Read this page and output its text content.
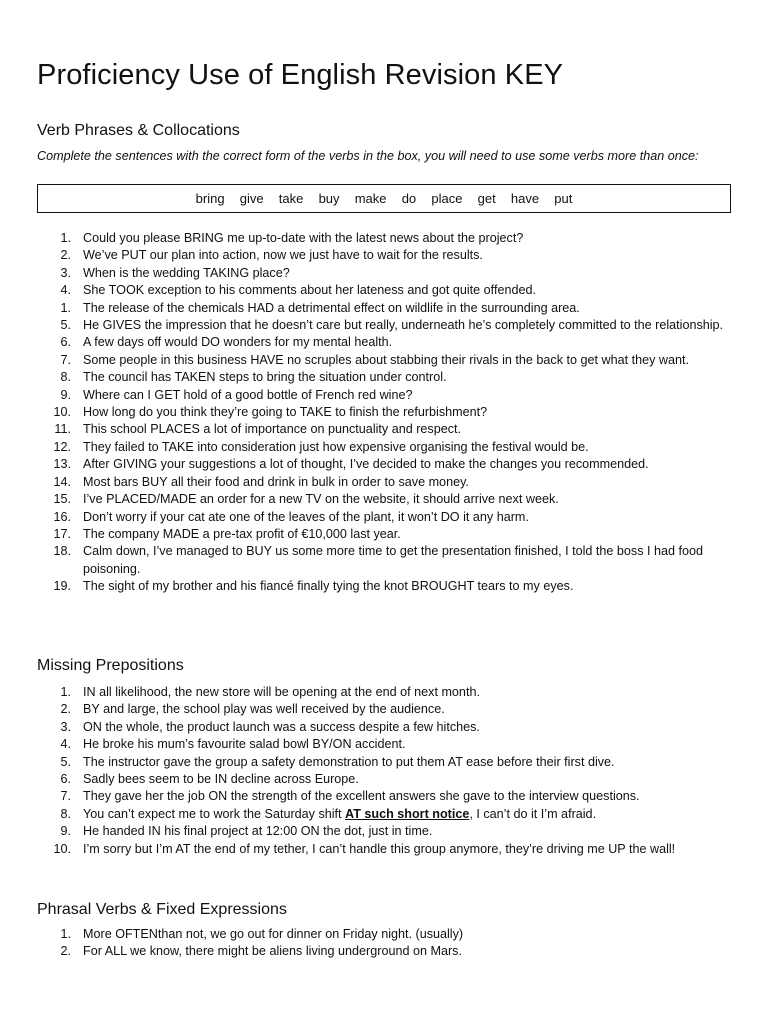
Proficiency Use of English Revision KEY
Verb Phrases & Collocations

Complete the sentences with the correct form of the verbs in the box, you will need to use some verbs more than once:

bring give take buy make do place get have put
1. Could you please BRING me up-to-date with the latest news about the project?
2. We’ve PUT our plan into action, now we just have to wait for the results.
3. When is the wedding TAKING place?
4. She TOOK exception to his comments about her lateness and got quite offended.
1. The release of the chemicals HAD a detrimental effect on wildlife in the surrounding area.
5. He GIVES the impression that he doesn’t care but really, underneath he’s completely committed to the relationship.
6. A few days off would DO wonders for my mental health.
7. Some people in this business HAVE no scruples about stabbing their rivals in the back to get what they want.
8. The council has TAKEN steps to bring the situation under control.
9. Where can I GET hold of a good bottle of French red wine?
10. How long do you think they’re going to TAKE to finish the refurbishment?
11. This school PLACES a lot of importance on punctuality and respect.
12. They failed to TAKE into consideration just how expensive organising the festival would be.
13. After GIVING your suggestions a lot of thought, I’ve decided to make the changes you recommended.
14. Most bars BUY all their food and drink in bulk in order to save money.
15. I’ve PLACED/MADE an order for a new TV on the website, it should arrive next week.
16. Don’t worry if your cat ate one of the leaves of the plant, it won’t DO it any harm.
17. The company MADE a pre-tax profit of €10,000 last year.
18. Calm down, I’ve managed to BUY us some more time to get the presentation finished, I told the boss I had food poisoning.
19. The sight of my brother and his fiancé finally tying the knot BROUGHT tears to my eyes.
Missing Prepositions
1. IN all likelihood, the new store will be opening at the end of next month.
2. BY and large, the school play was well received by the audience.
3. ON the whole, the product launch was a success despite a few hitches.
4. He broke his mum’s favourite salad bowl BY/ON accident.
5. The instructor gave the group a safety demonstration to put them AT ease before their first dive.
6. Sadly bees seem to be IN decline across Europe.
7. They gave her the job ON the strength of the excellent answers she gave to the interview questions.
8. You can’t expect me to work the Saturday shift AT such short notice, I can’t do it I’m afraid.
9. He handed IN his final project at 12:00 ON the dot, just in time.
10. I’m sorry but I’m AT the end of my tether, I can’t handle this group anymore, they’re driving me UP the wall!
Phrasal Verbs & Fixed Expressions
1. More OFTENthan not, we go out for dinner on Friday night. (usually)
2. For ALL we know, there might be aliens living underground on Mars.
